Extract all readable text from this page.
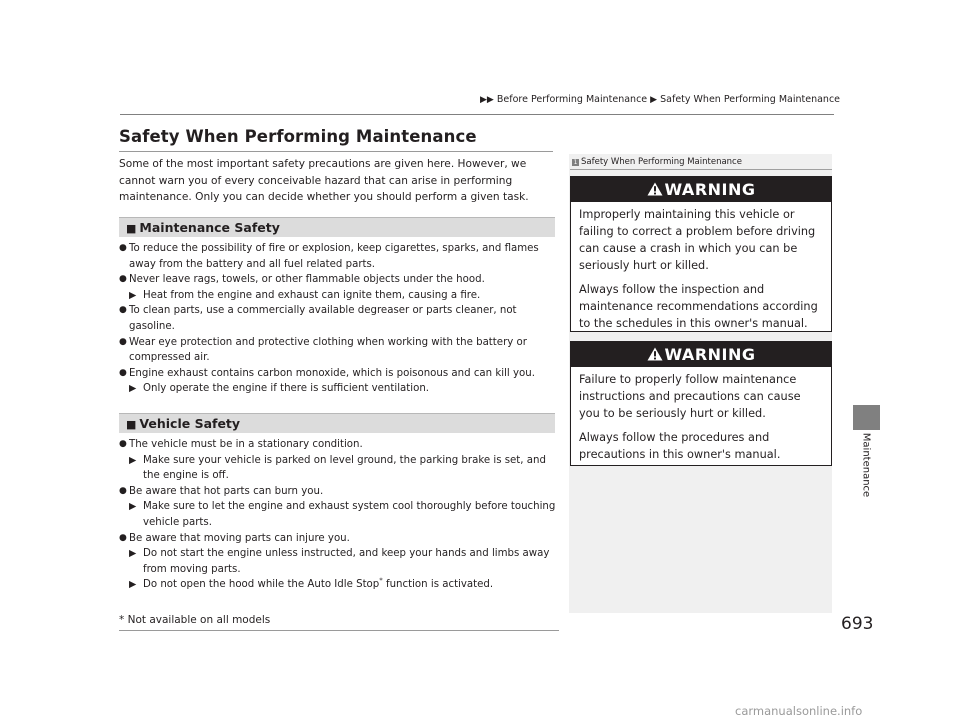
▶▶ Before Performing Maintenance ▶ Safety When Performing Maintenance
Safety When Performing Maintenance

Some of the most important safety precautions are given here. However, we cannot warn you of every conceivable hazard that can arise in performing maintenance. Only you can decide whether you should perform a given task.

■ Maintenance Safety
● To reduce the possibility of fire or explosion, keep cigarettes, sparks, and flames away from the battery and all fuel related parts.
● Never leave rags, towels, or other flammable objects under the hood.
▶ Heat from the engine and exhaust can ignite them, causing a fire.
● To clean parts, use a commercially available degreaser or parts cleaner, not gasoline.
● Wear eye protection and protective clothing when working with the battery or compressed air.
● Engine exhaust contains carbon monoxide, which is poisonous and can kill you.
▶ Only operate the engine if there is sufficient ventilation.
■ Vehicle Safety
● The vehicle must be in a stationary condition.
▶ Make sure your vehicle is parked on level ground, the parking brake is set, and the engine is off.
● Be aware that hot parts can burn you.
▶ Make sure to let the engine and exhaust system cool thoroughly before touching vehicle parts.
● Be aware that moving parts can injure you.
▶ Do not start the engine unless instructed, and keep your hands and limbs away from moving parts.
▶ Do not open the hood while the Auto Idle Stop* function is activated.
1 Safety When Performing Maintenance
WARNING

Improperly maintaining this vehicle or failing to correct a problem before driving can cause a crash in which you can be seriously hurt or killed.

Always follow the inspection and maintenance recommendations according to the schedules in this owner's manual.

WARNING

Failure to properly follow maintenance instructions and precautions can cause you to be seriously hurt or killed.

Always follow the procedures and precautions in this owner's manual.	Maintenance
* Not available on all models	693
carmanualsonline.info
